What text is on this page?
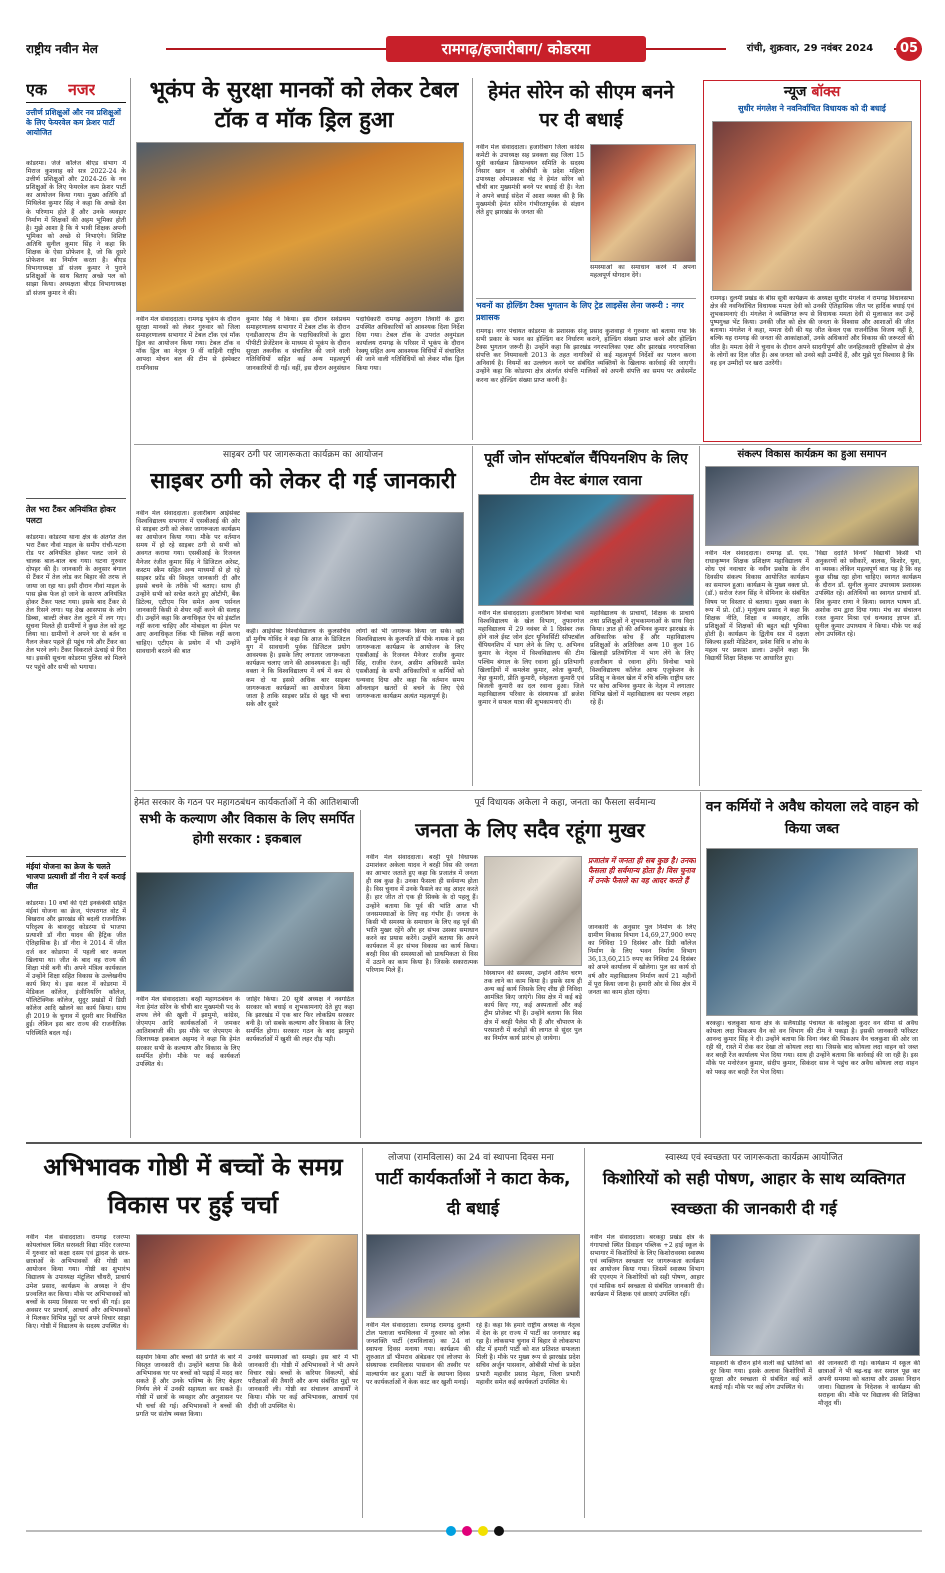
राष्ट्रीय नवीन मेल	रामगढ़/हजारीबाग/ कोडरमा	रांची, शुक्रवार, 29 नवंबर 2024	05
एक नजर
उत्तीर्ण प्रशिक्षुओं और नव प्रशिक्षुओं के लिए फेयरवेल कम फ्रेशर पार्टी आयोजित
कोडरमा। जेजे कॉलेज बीएड संभाग में मिराज कुशवाह को सत्र 2022-24 के उत्तीर्ण प्रशिक्षुओं और 2024-26 के नव प्रशिक्षुओं के लिए फेयरवेल कम फ्रेशर पार्टी का आयोजन किया गया। मुख्य अतिथि डॉ मिथिलेश कुमार सिंह ने कहा कि अच्छे देश के परिणाम होते हैं और उनके व्यवहार निर्माण में शिक्षकों की अहम भूमिका होती है। मुझे आशा है कि ये भावी शिक्षक अपनी भूमिका को अच्छे से निभाएंगे। विशिष्ट अतिथि सुनील कुमार सिंह ने कहा कि शिक्षक के ऐसा प्रोफेशन है, जो कि दूसरे प्रोफेशन का निर्माण करता है। बीएड विभागाध्यक्ष डॉ संजय कुमार ने पुराने प्रशिक्षुओं के साथ बिताए अच्छे पल को साझा किया। अध्यक्षता बीएड विभागाध्यक्ष डॉ संजय कुमार ने की।
तेल भरा टैंकर अनियंत्रित होकर पलटा
कोडरमा। कोडरमा थाना क्षेत्र के अंतर्गत तेल भरा टैंकर नौवां माइल के समीप रांची-पटना रोड पर अनियंत्रित होकर पलट जाने से चालक बाल-बाल बच गया। घटना गुरुवार दोपहर की है। जानकारी के अनुसार बंगाल से टैंकर में तेल लोड कर बिहार की तरफ ले जाया जा रहा था। इसी दौरान नौवां माइल के पास झेक फेल हो जाने के कारण अनियंत्रित होकर टैंकर पलट गया। इसके बाद टैंकर से तेल रिसने लगा। यह देख आसपास के लोग डिब्बा, बाल्टी लेकर तेल लूटने में लग गए। सूचना मिलते ही ग्रामीणों ने कुछ तेल को लूट लिया था। ग्रामीणों ने अपने घर से बर्तन व गैलन लेकर पहले ही पहुंच गये और टैंकर का तेल भरने लगे। टैंकर विकराले ऊंचाई से गिरा था। इसकी सूचना कोडरमा पुलिस को मिलने पर पहुंचे और सभी को भगाया।
मंईयां योजना का क्रेज के चलते भाजपा प्रत्याशी डॉ नीरा ने दर्ज कराई जीत
कोडरमा। 10 वर्षों की एंटी इनकंबेंसी सहित मंईयां योजना का क्रेज, पंरपरागत वोट में बिखराव और झारखंड की बदली राजनीतिक परिदृश्य के बावजूद कोडरमा से भाजपा प्रत्याशी डॉ नीरा यादव की हैट्रिक जीत ऐतिहासिक है। डॉ नीरा ने 2014 में जीत दर्ज कर कोडरमा में पहली बार कमल खिलाया था। जीत के बाद वह राज्य की शिक्षा मंत्री बनी थी। अपने मंत्रित्व कार्यकाल में उन्होंने शिक्षा सहित विकास के उल्लेखनीय कार्य किए थे। इस काल में कोडरमा में मेडिकल कॉलेज, इंजीनियरिंग कॉलेज, पॉलिटेक्निक कॉलेज, सुदूर प्रखंडों में डिग्री कॉलेज आदि खोलने का कार्य किया। साथ ही 2019 के चुनाव में दूसरी बार निर्वाचित हुई। लेकिन इस बार राज्य की राजनीतिक परिस्थिति बदल गई।
भूकंप के सुरक्षा मानकों को लेकर टेबल टॉक व मॉक ड्रिल हुआ
नवीन मेल संवाददाता। रामगढ़ भूकंप के दौरान सुरक्षा मानकों को लेकर गुरुवार को जिला समाहरणालय सभागार में टेबल टॉक एवं मॉक ड्रिल का आयोजन किया गया। टेबल टॉक व मॉक ड्रिल का नेतृत्व 9 वीं वाहिनी राष्ट्रीय आपदा मोचन बल की टीम से इंस्पेक्टर रामनिवास
कुमार सिंह ने किया। इस दौरान सर्वप्रथम समाहरणालय सभागार में टेबल टॉक के दौरान एनडीआरएफ टीम के पदाधिकारियों के द्वारा पीपीटी प्रेजेंटेशन के माध्यम से भूकंप के दौरान सुरक्षा तकनीक व संचालित की जाने वाली गतिविधियों सहित कई अन्य महत्वपूर्ण जानकारियों दी गईं। वहीं, इस दौरान अनुसंधान
पदाधिकारी रामगढ़ अनुराग तिवारी के द्वारा उपस्थित अधिकारियों को आवश्यक दिशा निर्देश दिया गया। टेबल टॉक के उपरांत अनुमंडल कार्यालय रामगढ़ के परिसर में भूकंप के दौरान रेस्क्यू सहित अन्य आवश्यक विधियों में संचालित की जाने वाली गतिविधियों को लेकर मॉक ड्रिल किया गया।
हेमंत सोरेन को सीएम बनने पर दी बधाई
नवीन मेल संवाददाता। हजारीबाग जिला कांग्रेस कमेटी के उपाध्यक्ष सह प्रवक्ता सह जिला 15 सूत्री कार्यक्रम क्रियान्वयन समिति के सदस्य निसार खान व ओबीसी के प्रदेश महिला उपाध्यक्ष ओमप्रकाश चंद्र ने हेमंत सोरेन को चौथी बार मुख्यमंत्री बनने पर बधाई दी है। नेता ने अपने बधाई संदेश में आशा व्यक्त की है कि मुख्यमंत्री हेमंत सोरेन गंभीरतापूर्वक से संज्ञान लेते हुए झारखंड के जनता की
समस्याओं का समाधान करने में अपना महत्वपूर्ण योगदान देंगे।
भवनों का होल्डिंग टैक्स भुगतान के लिए ट्रेड लाइसेंस लेना जरूरी : नगर प्रशासक
रामगढ़। नगर पंचायत कोडरमा के प्रशासक संजू प्रसाद कुशवाहा ने गुरुवार को बताया गया कि सभी प्रकार के भवन का होल्डिंग कर निर्धारण कराने, होल्डिंग संख्या प्राप्त करने और होल्डिंग टैक्स भुगतान जरूरी है। उन्होंने कहा कि झारखंड नगरपालिका एक्ट और झारखंड नगरपालिका संपत्ति कर नियमावली 2013 के तहत नागरिकों से कई महत्वपूर्ण निर्देशों का पालन करना अनिवार्य है। नियमों का उल्लंघन करने पर संबंधित व्यक्तियों के खिलाफ कार्रवाई की जाएगी। उन्होंने कहा कि कोडरमा क्षेत्र अंतर्गत संपत्ति मालिकों को अपनी संपत्ति का समय पर असेसमेंट करना कर होल्डिंग संख्या प्राप्त करनी है।
न्यूज बॉक्स
सुधीर मंगलेश ने नवनिर्वाचित विधायक को दी बधाई
रामगढ़। दुलमी प्रखंड के बीस सूत्री कार्यक्रम के अध्यक्ष सुधीर मंगलेश ने रामगढ़ विधानसभा क्षेत्र की नवनिर्वाचित विधायक ममता देवी को उनकी ऐतिहासिक जीत पर हार्दिक बधाई एवं शुभकामनाएं दी। मंगलेश ने व्यक्तिगत रूप से विधायक ममता देवी से मुलाकात कर उन्हें पुष्पगुच्छ भेंट किया। उनकी जीत को क्षेत्र की जनता के विश्वास और आशाओं की जीत बताया। मंगलेश ने कहा, ममता देवी की यह जीत केवल एक राजनीतिक विजय नहीं है, बल्कि यह रामगढ़ की जनता की आकांक्षाओं, उनके अधिकारों और विकास की जरूरतों की जीत है। ममता देवी ने चुनाव के दौरान अपने सादगीपूर्ण और जनहितकारी दृष्टिकोण से क्षेत्र के लोगों का दिल जीत है। अब जनता को उनसे बड़ी उम्मीदें हैं, और मुझे पूरा विश्वास है कि वह इन उम्मीदों पर खरा उतरेंगी।
साइबर ठगी पर जागरूकता कार्यक्रम का आयोजन
साइबर ठगी को लेकर दी गई जानकारी
नवीन मेल संवाददाता। हजारीबाग आईसेक्ट विश्वविद्यालय सभागार में एसबीआई की ओर से साइबर ठगी को लेकर जागरूकता कार्यक्रम का आयोजन किया गया। मौके पर वर्तमान समय में हो रहे साइबर ठगी से सभी को अवगत कराया गया। एसबीआई के रिजनल मैनेजर रंजीत कुमार सिंह ने डिजिटल अरेस्ट, कस्टम स्कैम सहित अन्य माध्यमों से हो रहे साइबर फ्रॉड की विस्तृत जानकारी दी और इससे बचने के तरीके भी बताए। साथ ही उन्होंने सभी को सचेत करते हुए ओटीपी, बैंक डिटेल्स, एटीएम पिन समेत अन्य पर्सनल जानकारी किसी से शेयर नहीं करने की सलाह दी। उन्होंने कहा कि अनाधिकृत ऐप को इंस्टॉल नहीं करना चाहिए और मोबाइल या ईमेल पर आए अनाधिकृत लिंक भी क्लिक नहीं करना चाहिए। एटीएम के प्रयोग में भी उन्होंने सावधानी बरतने की बात
कही। आईसेक्ट विश्वविद्यालय के कुलसचिव डॉ मुनीष गोविंद ने कहा कि आज के डिजिटल युग में सावधानी पूर्वक डिजिटल प्रयोग आवश्यक है। इसके लिए लगातार जागरूकता कार्यक्रम चलाए जाने की आवश्यकता है। वहीं वक्ता ने कि विश्वविद्यालय में वर्ष में कम से कम दो या इससे अधिक बार साइबर जागरूकता कार्यक्रमों का आयोजन किया जाता है ताकि साइबर फ्रॉड से खुद भी बचा सके और दूसरे
लोगों को भी जागरूक किया जा सके। वहीं विश्वविद्यालय के कुलपति डॉ पीके नायक ने इस जागरूकता कार्यक्रम के आयोजन के लिए एसबीआई के रिजनल मैनेजर राजीव कुमार सिंह, राजीव रंजन, असीम अधिकारी समेत एसबीआई के सभी अधिकारियों व कर्मियों को धन्यवाद दिया और कहा कि वर्तमान समय ऑनलाइन खतरों से बचने के लिए ऐसे जागरूकता कार्यक्रम अत्यंत महत्वपूर्ण है।
पूर्वी जोन सॉफ्टबॉल चैंपियनशिप के लिए टीम वेस्ट बंगाल रवाना
नवीन मेल संवाददाता। हजारीबाग विनोबा भावे विश्वविद्यालय के खेल विभाग, तुफानगंज महाविद्यालय में 29 नवंबर से 1 दिसंबर तक होने वाले ईस्ट जोन इंटर यूनिवर्सिटी सॉफ्टबॉल चैंपियनशिप में भाग लेने के लिए ए. अभिनव कुमार के नेतृत्व में विश्वविद्यालय की टीम पश्चिम बंगाल के लिए रवाना हुई। प्रतिभागी खिलाड़ियों में कमलेश कुमार, श्वेता कुमारी, नेहा कुमारी, प्रीति कुमारी, स्नेहलता कुमारी एवं बिजली कुमारी का दल रवाना हुआ। जिले महाविद्यालय परिवार के संस्थापक डॉ ब्रजेश कुमार ने सफल यात्रा की शुभकामनाएं दी।
महाविद्यालय के प्राचार्यों, शिक्षक के प्राचार्य तथा प्रशिक्षुओं ने शुभकामनाओं के साथ विदा किया। ज्ञात हो की अभिनव कुमार झारखंड के अधिकारिक कोच हैं और महाविद्यालय प्रशिक्षुओं के अतिरिक्त अन्य 10 कुल 16 खिलाड़ी प्रतियोगिता में भाग लेंगे के लिए हजारीबाग से रवाना होंगे। विनोबा भावे विश्वविद्यालय कॉलेज आफ एजुकेशन के प्रशिक्षु न केवल खेल में रुचि बल्कि राष्ट्रीय स्तर पर कोच अभिनव कुमार के नेतृत्व में लगातार विभिन्न खेलों में महाविद्यालय का परचम लहरा रहे हैं।
संकल्प विकास कार्यक्रम का हुआ समापन
नवीन मेल संवाददाता। रामगढ़ डॉ. एस. राधाकृष्णन शिक्षक प्रशिक्षण महाविद्यालय में शोध एवं नवाचार के नवीन प्रकोष्ठ के तीन दिवसीय संकल्प विकास आयोजित कार्यक्रम का समापन हुआ। कार्यक्रम के मुख्य वक्ता प्रो. (डॉ.) सरोज रंजन सिंह ने सेमिनार के संबंधित विषय पर विस्तार से बताया। मुख्य वक्ता के रूप में प्रो. (डॉ.) मृत्युंजय प्रसाद ने कहा कि शिक्षक नीति, शिक्षा व व्यवहार, ताकि प्रशिक्षुओं में शिक्षकों की बहुत बड़ी भूमिका होती है। कार्यक्रम के द्वितीय सत्र में दक्षता स्किल्स हस्ती मेडिटेशन, प्रवेश विधि व शोध के महत्व पर प्रकाश डाला। उन्होंने कहा कि विद्यार्थी शिक्षा शिक्षक पर आधारित हुए।
'विद्या ददाति विनयं' विद्यार्थी किसी भी अनुकरणों को स्वीकारें, बालक, किशोर, युवा, वा व्यस्क। लेकिन महत्वपूर्ण बात यह है कि वह कुछ सीख रहा होना चाहिए। स्वागत कार्यक्रम के दौरान डॉ. सुनील कुमार उपाध्याय प्रशासक उपस्थित रहे। अतिथियों का स्वागत प्राचार्य डॉ. शिव कुमार राणा ने किया। स्वागत भाषण डॉ. अशोक राम द्वारा दिया गया। मंच का संचालन रजत कुमार मिश्रा एवं धन्यवाद ज्ञापन डॉ. सुनील कुमार उपाध्याय ने किया। मौके पर कई लोग उपस्थित रहे।
हेमंत सरकार के गठन पर महागठबंधन कार्यकर्ताओं ने की आतिशबाजी
सभी के कल्याण और विकास के लिए समर्पित होगी सरकार : इकबाल
नवीन मेल संवाददाता। बरही महागठबंधन के नेता हेमंत सोरेन के चौथी बार मुख्यमंत्री पद के शपथ लेने की खुशी में झामुमो, कांग्रेस, जेएमएम आदि कार्यकर्ताओं ने जमकर आतिशबाजी की। इस मौके पर जेएमएम के जिलाध्यक्ष इकबाल अहमद ने कहा कि हेमंत सरकार सभी के कल्याण और विकास के लिए समर्पित होगी। मौके पर कई कार्यकर्ता उपस्थित थे।
जाहिर किया। 20 सूत्री अध्यक्ष ने नवगठित सरकार को बधाई व शुभकामनाएं देते हुए कहा कि झारखंड में एक बार फिर लोकप्रिय सरकार बनी है। जो सबके कल्याण और विकास के लिए समर्पित होगा। सरकार गठन के बाद झामुमो कार्यकर्ताओं में खुशी की लहर दौड़ पड़ी।
पूर्व विधायक अकेला ने कहा, जनता का फैसला सर्वमान्य
जनता के लिए सदैव रहूंगा मुखर
नवीन मेल संवाददाता। बरही पूर्व विधायक उमाशंकर अकेला यादव ने बरही विस की जनता का आभार जताते हुए कहा कि प्रजातंत्र में जनता ही सब कुछ है। उनका फैसला ही सर्वमान्य होता है। विस चुनाव में उनके फैसले का वह आदर करते हैं। हार जीत तो एक ही सिक्के के दो पहलू हैं। उन्होंने बताया कि पूर्व की भांति आज भी जनसमस्याओं के लिए वह गंभीर हैं। जनता के किसी भी समस्या के समाधान के लिए वह पूर्व की भांति मुखर रहेंगे और हर संभव उसका समाधान करने का प्रयास करेंगे। उन्होंने बताया कि अपने कार्यकाल में हर संभव विकास का कार्य किया। बरही विस की समस्याओं को प्राथमिकता से विस में उठाने का काम किया है। जिसके सकारात्मक परिणाम मिले हैं।	विस्थापन की समस्या, उन्होंने अंतिम चरण तक लाने का काम किया है। इसके साथ ही अन्य कई कार्य जिसके लिए शीघ्र ही निविदा आमंत्रित किए जाएंगे। विस क्षेत्र में कई बड़े कार्य किए गए, कई अस्पतालों और कई ट्रीम प्रोजेक्ट भी हैं। उन्होंने बताया कि विस क्षेत्र में बरही पैलेस भी हैं और चौपारण के परसातरी में करोड़ों की लागत से सुंदर पुल का निर्माण कार्य प्रारंभ हो जायेगा।
प्रजातंत्र में जनता ही सब कुछ है। उनका फैसला ही सर्वमान्य होता है। विस चुनाव में उनके फैसले का वह आदर करते हैं
जानकारी के अनुसार पुल निर्माण के लिए ग्रामीण विकास विभाग 14,69,27,900 रुपए का निविदा 19 दिसंबर और डिग्री कॉलेज निर्माण के लिए भवन निर्माण विभाग 36,13,60,215 रुपए का निविदा 24 दिसंबर को अपने कार्यालय में खोलेगा। पुल का कार्य दो वर्ष और महाविद्यालय निर्माण कार्य 21 महीनों में पूरा किया जाना है। हमारी ओर से विस क्षेत्र में जनता का काम होता रहेगा।
वन कर्मियों ने अवैध कोयला लदे वाहन को किया जब्त
बरकट्ठा। चलकुशा थाना क्षेत्र के सलैयाडीह पंचायत के कोल्हुआ कुदर वन सीमा से अवैध कोयला लदा पिकअप वैन को वन विभाग की टीम ने पकड़ा है। इसकी जानकारी फॉरेस्टर आनन्द कुमार सिंह ने दी। उन्होंने बताया कि विना नंबर की पिकअप वैन चलकुशा की ओर जा रही थी, रास्ते में रोक कर देखा तो कोयला लदा था। जिसके बाद कोयला लदा वाहन को जब्त कर बरही रेंज कार्यालय भेज दिया गया। साथ ही उन्होंने बताया कि कार्रवाई की जा रही है। इस मौके पर मनोरंजन कुमार, संदीप कुमार, सिकंदर साव ने पहुंच कर अवैध कोयला लदा वाहन को पकड़ कर बरही रेंज भेज दिया।
अभिभावक गोष्ठी में बच्चों के समग्र विकास पर हुई चर्चा
नवीन मेल संवाददाता। रामगढ़ रजरप्पा कोयलांचल स्थित सरस्वती विद्या मंदिर रजरप्पा में गुरुवार को कक्षा दसम एवं द्वादश के छात्र-छात्राओं के अभिभावकों की गोष्ठी का आयोजन किया गया। गोष्ठी का शुभारंभ विद्यालय के उपाध्यक्ष मंटूलिश चौधरी, प्राचार्य उमेश प्रसाद, कार्यक्रम के अध्यक्ष ने दीप प्रज्वलित कर किया। मौके पर अभिभावकों को बच्चों के समग्र विकास पर चर्चा की गई। इस अवसर पर प्राचार्य, आचार्य और अभिभावकों ने मिलकर विभिन्न मुद्दों पर अपने विचार साझा किए। गोष्ठी में विद्यालय के सदस्य उपस्थित थे।
सहयोग किया और बच्चों की प्रगति के बारे में विस्तृत जानकारी दी। उन्होंने बताया कि कैसे अभिभावक घर पर बच्चों को पढ़ाई में मदद कर सकते हैं और उनके भविष्य के लिए बेहतर निर्णय लेने में उनकी सहायता कर सकते हैं। गोष्ठी में छात्रों के व्यवहार और अनुशासन पर भी चर्चा की गई। अभिभावकों ने बच्चों की प्रगति पर संतोष व्यक्त किया।
उनकी समस्याओं को समझें। इस बारे में भी जानकारी दी। गोष्ठी में अभिभावकों ने भी अपने विचार रखे। बच्चों के करियर विकल्पों, बोर्ड परीक्षाओं की तैयारी और अन्य संबंधित मुद्दों पर जानकारी ली। गोष्ठी का संचालन आचार्यों ने किया। मौके पर कई अभिभावक, आचार्य एवं दीदी जी उपस्थित थे।
लोजपा (रामविलास) का 24 वां स्थापना दिवस मना
पार्टी कार्यकर्ताओं ने काटा केक, दी बधाई
नवीन मेल संवाददाता। रामगढ़ रामगढ़ दुलमी टोल पलाजा चमचिलवा में गुरुवार को लोक जनशक्ति पार्टी (रामविलास) का 24 वां स्थापना दिवस मनाया गया। कार्यक्रम की शुरुआत डॉ भीमराव अंबेडकर एवं लोजपा के संस्थापक रामविलास पासवान की तस्वीर पर माल्यार्पण कर हुआ। पार्टी के स्थापना दिवस पर कार्यकर्ताओं ने केक काट कर खुशी मनाई।
रहे हैं। कहा कि हमारे राष्ट्रीय अध्यक्ष के नेतृत्व में देश के हर राज्य में पार्टी का जनाधार बढ़ रहा है। लोकसभा चुनाव में बिहार से लोकसभा सीट में हमारी पार्टी को शत प्रतिशत सफलता मिली है। मौके पर मुख्य रूप से झारखंड प्रदेश सचिव अर्जुन पासवान, ओबीसी मोर्चा के प्रदेश प्रभारी महावीर प्रसाद मेहता, जिला प्रभारी महावीर समेत कई कार्यकर्ता उपस्थित थे।
स्वास्थ्य एवं स्वच्छता पर जागरूकता कार्यक्रम आयोजित
किशोरियों को सही पोषण, आहार के साथ व्यक्तिगत स्वच्छता की जानकारी दी गई
नवीन मेल संवाददाता। बरकट्ठा प्रखंड क्षेत्र के गंगापाचो स्थित डिवाइन पब्लिक +2 हाई स्कूल के सभागार में किशोरियों के लिए किशोरावस्था स्वास्थ्य एवं व्यक्तिगत स्वच्छता पर जागरूकता कार्यक्रम का आयोजन किया गया। जिसमें स्वास्थ्य विभाग की एएनएम ने किशोरियों को सही पोषण, आहार एवं मासिक धर्म स्वच्छता से संबंधित जानकारी दी। कार्यक्रम में शिक्षक एवं छात्राएं उपस्थित रहीं।
माहवारी के दौरान होने वाली कई भ्रांतियों को दूर किया गया। इसके अलावा किशोरियों में सुरक्षा और स्वच्छता से संबंधित कई बातें बताई गईं। मौके पर कई लोग उपस्थित थे।
की जानकारी दी गई। कार्यक्रम में स्कूल की छात्राओं ने भी बढ़-चढ़ कर सवाल पूछ कर अपनी समस्या को बताया और उसका निदान जाना। विद्यालय के निदेशक ने कार्यक्रम की सराहना की। मौके पर विद्यालय की शिक्षिका मौजूद थीं।
